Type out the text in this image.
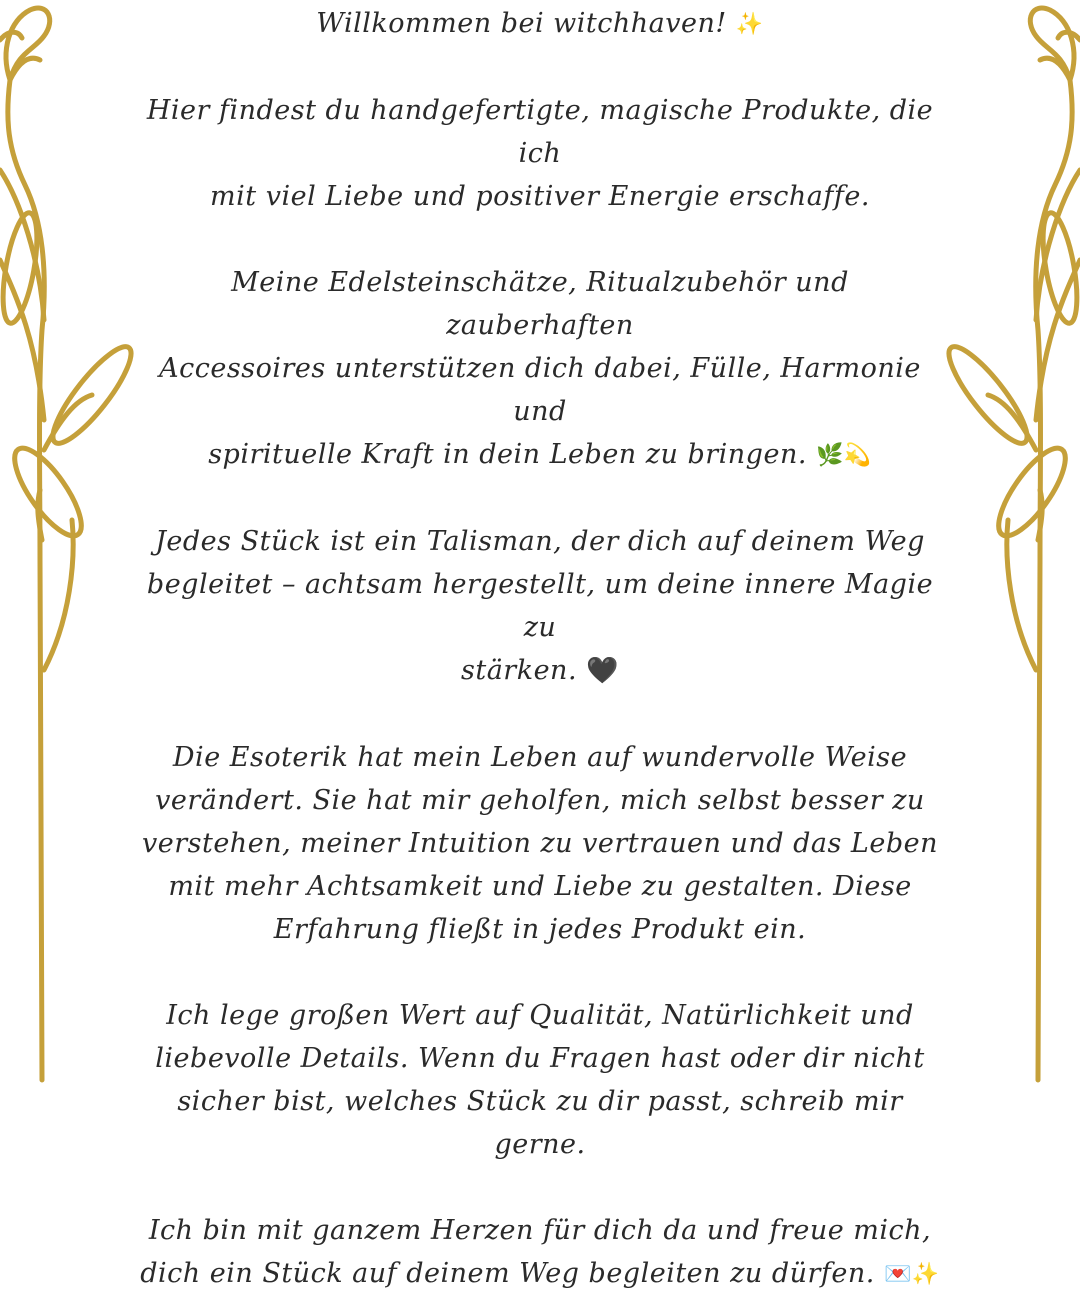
Willkommen bei witchhaven! ✨
Hier findest du handgefertigte, magische Produkte, die ich
mit viel Liebe und positiver Energie erschaffe.
Meine Edelsteinschätze, Ritualzubehör und zauberhaften
Accessoires unterstützen dich dabei, Fülle, Harmonie und
spirituelle Kraft in dein Leben zu bringen. 🌿💫
Jedes Stück ist ein Talisman, der dich auf deinem Weg
begleitet – achtsam hergestellt, um deine innere Magie zu
stärken. 🖤
Die Esoterik hat mein Leben auf wundervolle Weise
verändert. Sie hat mir geholfen, mich selbst besser zu
verstehen, meiner Intuition zu vertrauen und das Leben
mit mehr Achtsamkeit und Liebe zu gestalten. Diese
Erfahrung fließt in jedes Produkt ein.
Ich lege großen Wert auf Qualität, Natürlichkeit und
liebevolle Details. Wenn du Fragen hast oder dir nicht
sicher bist, welches Stück zu dir passt, schreib mir gerne.
Ich bin mit ganzem Herzen für dich da und freue mich,
dich ein Stück auf deinem Weg begleiten zu dürfen. 💌✨
